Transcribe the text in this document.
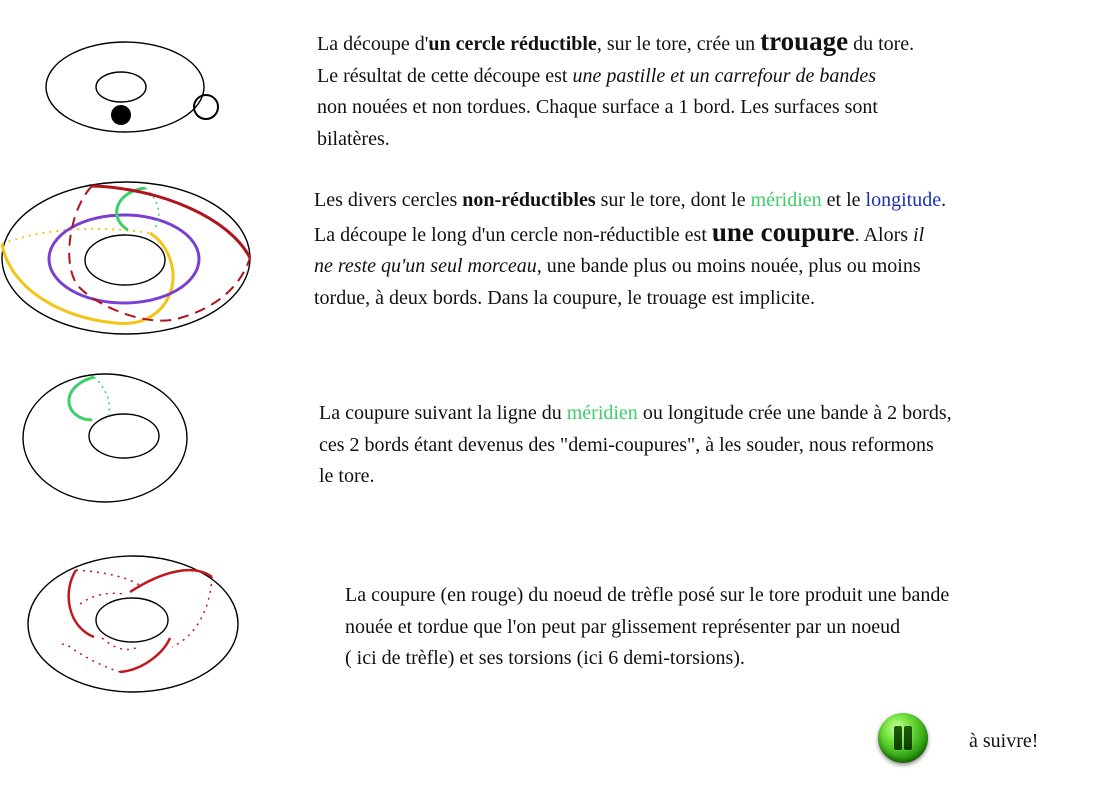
La découpe d'un cercle réductible, sur le tore, crée un trouage du tore.
Le résultat de cette découpe est une pastille et un carrefour de bandes
non nouées et non tordues. Chaque surface a 1 bord. Les surfaces sont
bilatères.
Les divers cercles non-réductibles sur le tore, dont le méridien et le longitude.
La découpe le long d'un cercle non-réductible est une coupure. Alors il
ne reste qu'un seul morceau, une bande plus ou moins nouée, plus ou moins
tordue, à deux bords. Dans la coupure, le trouage est implicite.
La coupure suivant la ligne du méridien ou longitude crée une bande à 2 bords,
ces 2 bords étant devenus des "demi-coupures", à les souder, nous reformons
le tore.
La coupure (en rouge) du noeud de trèfle posé sur le tore produit une bande
nouée et tordue que l'on peut par glissement représenter par un noeud
( ici de trèfle) et ses torsions (ici 6 demi-torsions).
à suivre!
